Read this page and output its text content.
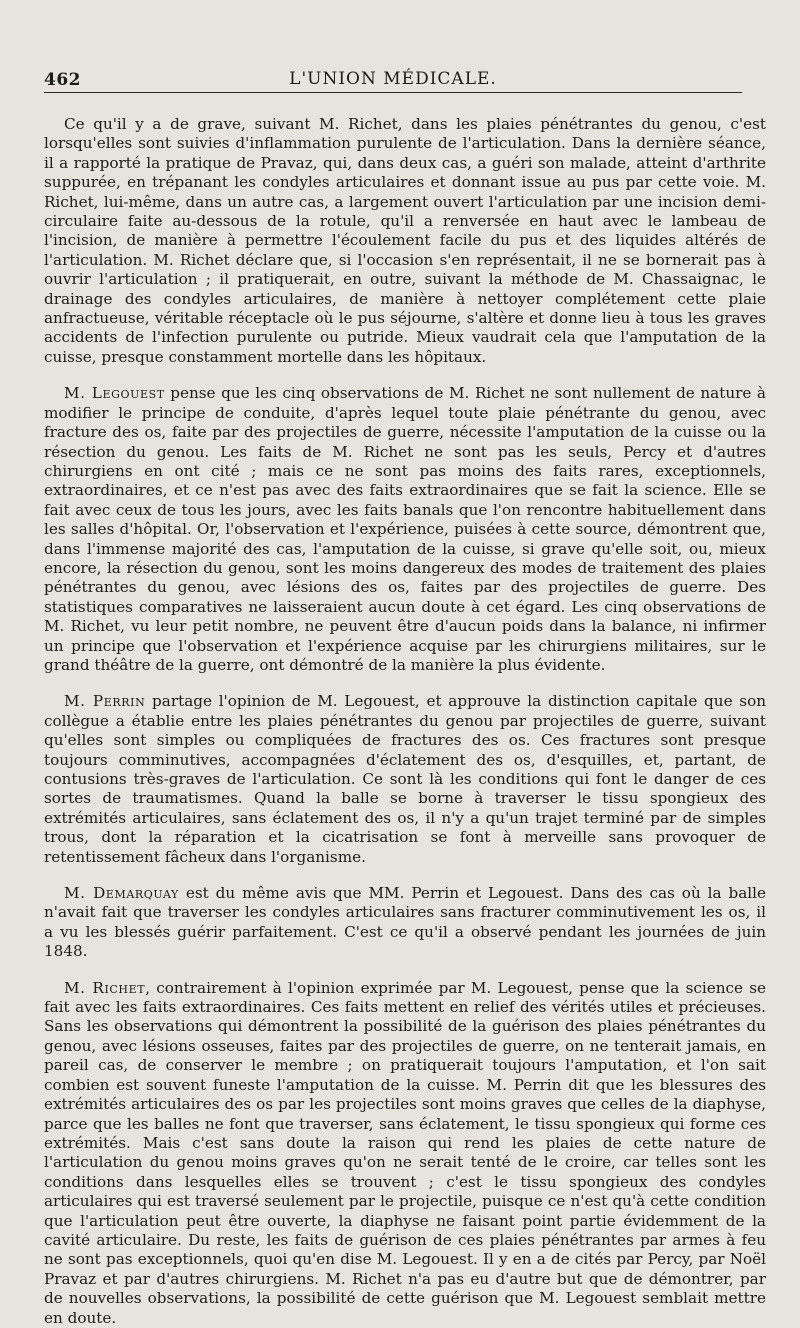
462	L'UNION MÉDICALE.

Ce qu'il y a de grave, suivant M. Richet, dans les plaies pénétrantes du genou, c'est lorsqu'elles sont suivies d'inflammation purulente de l'articulation. Dans la dernière séance, il a rapporté la pratique de Pravaz, qui, dans deux cas, a guéri son malade, atteint d'arthrite suppurée, en trépanant les condyles articulaires et donnant issue au pus par cette voie. M. Richet, lui-même, dans un autre cas, a largement ouvert l'articulation par une incision demi-circulaire faite au-dessous de la rotule, qu'il a renversée en haut avec le lambeau de l'incision, de manière à permettre l'écoulement facile du pus et des liquides altérés de l'articulation. M. Richet déclare que, si l'occasion s'en représentait, il ne se bornerait pas à ouvrir l'articulation ; il pratiquerait, en outre, suivant la méthode de M. Chassaignac, le drainage des condyles articulaires, de manière à nettoyer complétement cette plaie anfractueuse, véritable réceptacle où le pus séjourne, s'altère et donne lieu à tous les graves accidents de l'infection purulente ou putride. Mieux vaudrait cela que l'amputation de la cuisse, presque constamment mortelle dans les hôpitaux.

M. Legouest pense que les cinq observations de M. Richet ne sont nullement de nature à modifier le principe de conduite, d'après lequel toute plaie pénétrante du genou, avec fracture des os, faite par des projectiles de guerre, nécessite l'amputation de la cuisse ou la résection du genou. Les faits de M. Richet ne sont pas les seuls, Percy et d'autres chirurgiens en ont cité ; mais ce ne sont pas moins des faits rares, exceptionnels, extraordinaires, et ce n'est pas avec des faits extraordinaires que se fait la science. Elle se fait avec ceux de tous les jours, avec les faits banals que l'on rencontre habituellement dans les salles d'hôpital. Or, l'observation et l'expérience, puisées à cette source, démontrent que, dans l'immense majorité des cas, l'amputation de la cuisse, si grave qu'elle soit, ou, mieux encore, la résection du genou, sont les moins dangereux des modes de traitement des plaies pénétrantes du genou, avec lésions des os, faites par des projectiles de guerre. Des statistiques comparatives ne laisseraient aucun doute à cet égard. Les cinq observations de M. Richet, vu leur petit nombre, ne peuvent être d'aucun poids dans la balance, ni infirmer un principe que l'observation et l'expérience acquise par les chirurgiens militaires, sur le grand théâtre de la guerre, ont démontré de la manière la plus évidente.

M. Perrin partage l'opinion de M. Legouest, et approuve la distinction capitale que son collègue a établie entre les plaies pénétrantes du genou par projectiles de guerre, suivant qu'elles sont simples ou compliquées de fractures des os. Ces fractures sont presque toujours comminutives, accompagnées d'éclatement des os, d'esquilles, et, partant, de contusions très-graves de l'articulation. Ce sont là les conditions qui font le danger de ces sortes de traumatismes. Quand la balle se borne à traverser le tissu spongieux des extrémités articulaires, sans éclatement des os, il n'y a qu'un trajet terminé par de simples trous, dont la réparation et la cicatrisation se font à merveille sans provoquer de retentissement fâcheux dans l'organisme.

M. Demarquay est du même avis que MM. Perrin et Legouest. Dans des cas où la balle n'avait fait que traverser les condyles articulaires sans fracturer comminutivement les os, il a vu les blessés guérir parfaitement. C'est ce qu'il a observé pendant les journées de juin 1848.

M. Richet, contrairement à l'opinion exprimée par M. Legouest, pense que la science se fait avec les faits extraordinaires. Ces faits mettent en relief des vérités utiles et précieuses. Sans les observations qui démontrent la possibilité de la guérison des plaies pénétrantes du genou, avec lésions osseuses, faites par des projectiles de guerre, on ne tenterait jamais, en pareil cas, de conserver le membre ; on pratiquerait toujours l'amputation, et l'on sait combien est souvent funeste l'amputation de la cuisse. M. Perrin dit que les blessures des extrémités articulaires des os par les projectiles sont moins graves que celles de la diaphyse, parce que les balles ne font que traverser, sans éclatement, le tissu spongieux qui forme ces extrémités. Mais c'est sans doute la raison qui rend les plaies de cette nature de l'articulation du genou moins graves qu'on ne serait tenté de le croire, car telles sont les conditions dans lesquelles elles se trouvent ; c'est le tissu spongieux des condyles articulaires qui est traversé seulement par le projectile, puisque ce n'est qu'à cette condition que l'articulation peut être ouverte, la diaphyse ne faisant point partie évidemment de la cavité articulaire. Du reste, les faits de guérison de ces plaies pénétrantes par armes à feu ne sont pas exceptionnels, quoi qu'en dise M. Legouest. Il y en a de cités par Percy, par Noël Pravaz et par d'autres chirurgiens. M. Richet n'a pas eu d'autre but que de démontrer, par de nouvelles observations, la possibilité de cette guérison que M. Legouest semblait mettre en doute.
